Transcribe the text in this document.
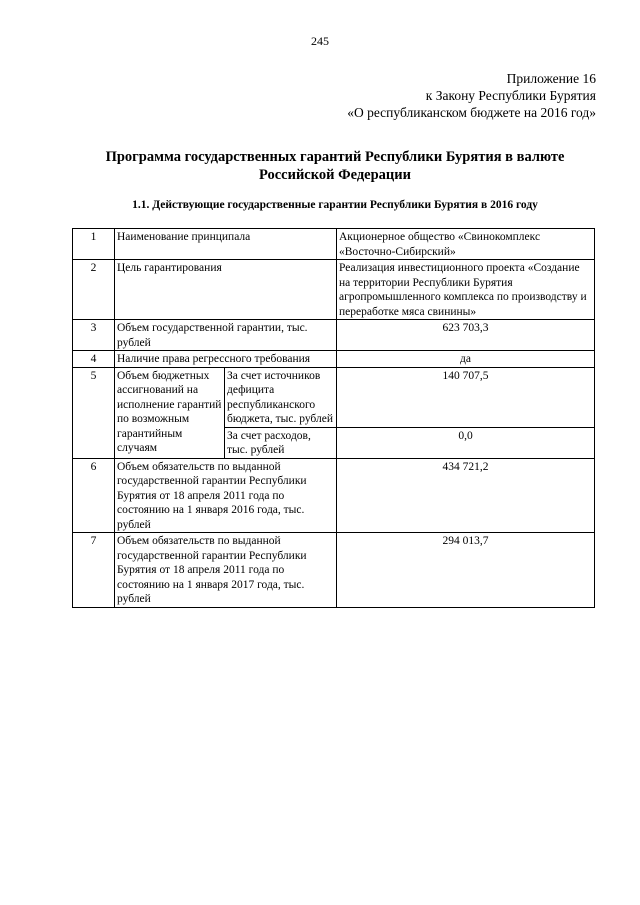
245
Приложение 16
к Закону Республики Бурятия
«О республиканском бюджете на 2016 год»
Программа государственных гарантий Республики Бурятия в валюте Российской Федерации
1.1. Действующие государственные гарантии Республики Бурятия в 2016 году
1	Наименование принципала		Акционерное общество «Свинокомплекс «Восточно-Сибирский»
2	Цель гарантирования		Реализация инвестиционного проекта «Создание на территории Республики Бурятия агропромышленного комплекса по производству и переработке мяса свинины»
3	Объем государственной гарантии, тыс. рублей		623 703,3
4	Наличие права регрессного требования		да
5	Объем бюджетных ассигнований на исполнение гарантий по возможным гарантийным случаям	За счет источников дефицита республиканского бюджета, тыс. рублей	140 707,5
		За счет расходов, тыс. рублей	0,0
6	Объем обязательств по выданной государственной гарантии Республики Бурятия от 18 апреля 2011 года по состоянию на 1 января 2016 года, тыс. рублей		434 721,2
7	Объем обязательств по выданной государственной гарантии Республики Бурятия от 18 апреля 2011 года по состоянию на 1 января 2017 года, тыс. рублей		294 013,7
